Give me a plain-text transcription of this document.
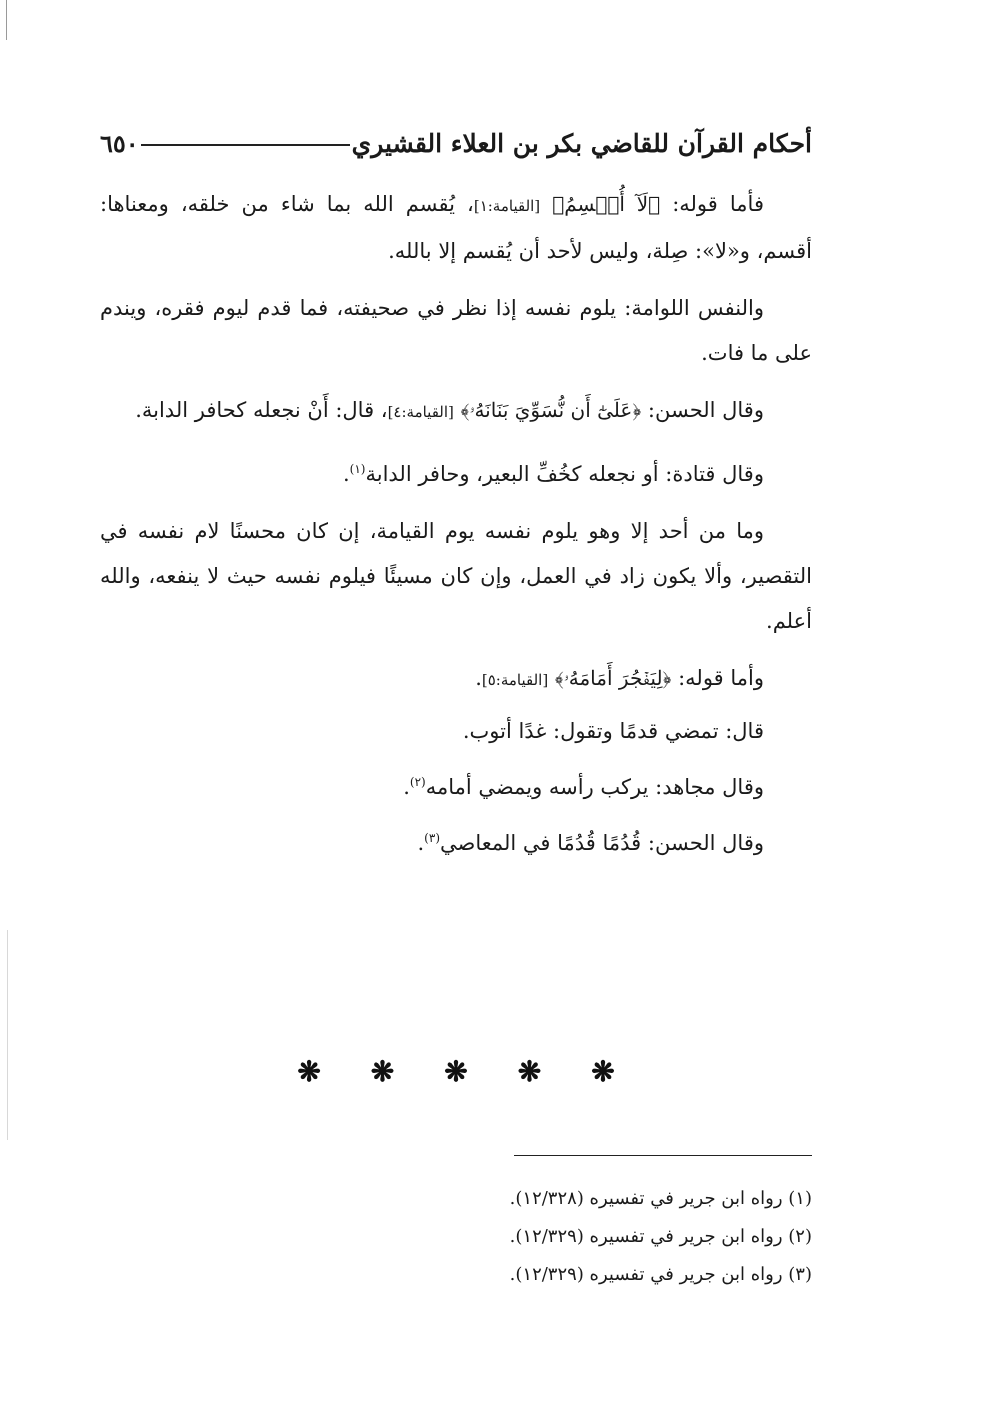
أحكام القرآن للقاضي بكر بن العلاء القشيري
٦٥٠

فأما قوله: ﴿لَآ أُقۡسِمُ﴾ [القيامة:١]، يُقسم الله بما شاء من خلقه، ومعناها: أقسم، و«لا»: صِلة، وليس لأحد أن يُقسم إلا بالله.

والنفس اللوامة: يلوم نفسه إذا نظر في صحيفته، فما قدم ليوم فقره، ويندم على ما فات.

وقال الحسن: ﴿عَلَىٰٓ أَن نُّسَوِّيَ بَنَانَهُۥ﴾ [القيامة:٤]، قال: أَنْ نجعله كحافر الدابة.

وقال قتادة: أو نجعله كخُفِّ البعير، وحافر الدابة$^{(١)}$.

وما من أحد إلا وهو يلوم نفسه يوم القيامة، إن كان محسنًا لام نفسه في التقصير، وألا يكون زاد في العمل، وإن كان مسيئًا فيلوم نفسه حيث لا ينفعه، والله أعلم.

وأما قوله: ﴿لِيَفۡجُرَ أَمَامَهُۥ﴾ [القيامة:٥].

قال: تمضي قدمًا وتقول: غدًا أتوب.

وقال مجاهد: يركب رأسه ويمضي أمامه$^{(٢)}$.

وقال الحسن: قُدُمًا قُدُمًا في المعاصي$^{(٣)}$.

❋ ❋ ❋ ❋ ❋

(١) رواه ابن جرير في تفسيره (١٢/٣٢٨).

(٢) رواه ابن جرير في تفسيره (١٢/٣٢٩).

(٣) رواه ابن جرير في تفسيره (١٢/٣٢٩).
